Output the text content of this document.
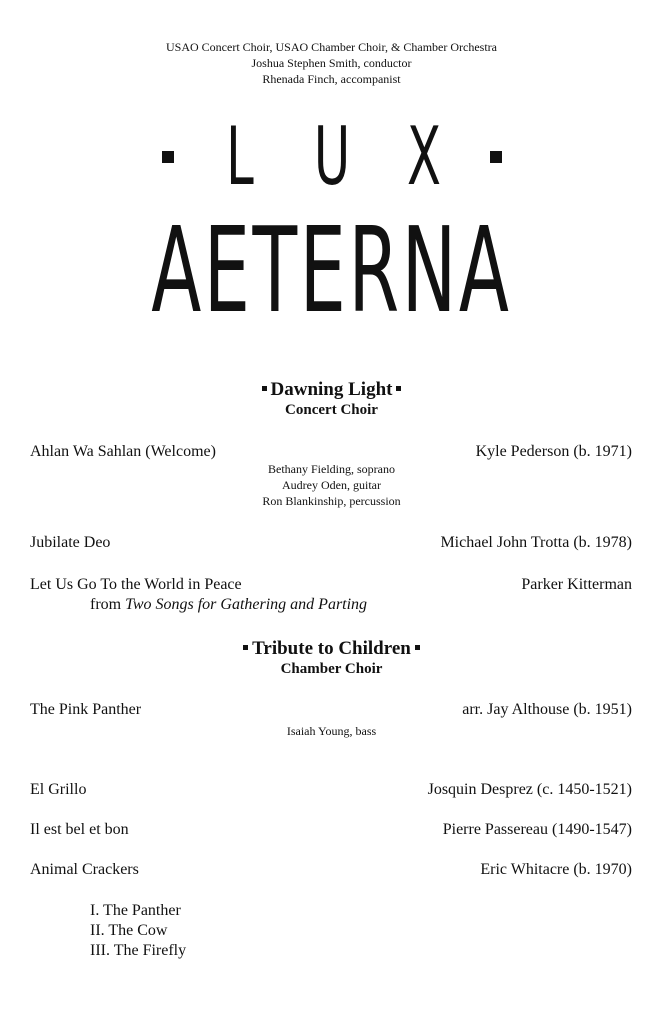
USAO Concert Choir, USAO Chamber Choir, & Chamber Orchestra
Joshua Stephen Smith, conductor
Rhenada Finch, accompanist
L U X
AETERNA
Dawning Light
Concert Choir
Ahlan Wa Sahlan (Welcome)	Kyle Pederson (b. 1971)
Bethany Fielding, soprano
Audrey Oden, guitar
Ron Blankinship, percussion
Jubilate Deo	Michael John Trotta (b. 1978)
Let Us Go To the World in Peace	Parker Kitterman
from Two Songs for Gathering and Parting
Tribute to Children
Chamber Choir
The Pink Panther	arr. Jay Althouse (b. 1951)
Isaiah Young, bass
El Grillo	Josquin Desprez (c. 1450-1521)
Il est bel et bon	Pierre Passereau (1490-1547)
Animal Crackers	Eric Whitacre (b. 1970)
I. The Panther
II. The Cow
III. The Firefly
